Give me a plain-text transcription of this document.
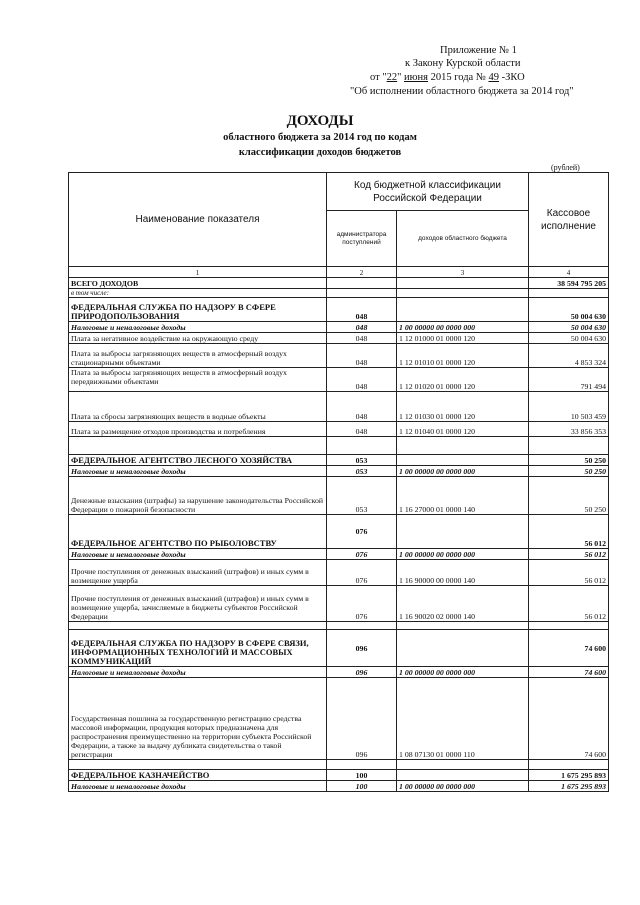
Приложение № 1
к Закону Курской области
от "22" июня 2015 года № 49 -ЗКО
"Об исполнении областного бюджета за 2014 год"
ДОХОДЫ
областного бюджета за 2014 год по кодам
классификации доходов бюджетов
(рублей)
Наименование показателя	Код бюджетной классификации Российской Федерации		Кассовое исполнение
	администратора поступлений	доходов областного бюджета	
1	2	3	4
ВСЕГО ДОХОДОВ			38 594 795 205
в том числе:			
ФЕДЕРАЛЬНАЯ СЛУЖБА ПО НАДЗОРУ В СФЕРЕ ПРИРОДОПОЛЬЗОВАНИЯ	048		50 004 630
Налоговые и неналоговые доходы	048	1 00 00000 00 0000 000	50 004 630
Плата за негативное воздействие на окружающую среду	048	1 12 01000 01 0000 120	50 004 630
Плата за выбросы загрязняющих веществ в атмосферный воздух стационарными объектами	048	1 12 01010 01 0000 120	4 853 324
Плата за выбросы загрязняющих веществ в атмосферный воздух передвижными объектами	048	1 12 01020 01 0000 120	791 494
Плата за сбросы загрязняющих веществ в водные объекты	048	1 12 01030 01 0000 120	10 503 459
Плата за размещение отходов производства и потребления	048	1 12 01040 01 0000 120	33 856 353

ФЕДЕРАЛЬНОЕ АГЕНТСТВО ЛЕСНОГО ХОЗЯЙСТВА	053		50 250
Налоговые и неналоговые доходы	053	1 00 00000 00 0000 000	50 250
Денежные взыскания (штрафы) за нарушение законодательства Российской Федерации о пожарной безопасности	053	1 16 27000 01 0000 140	50 250
ФЕДЕРАЛЬНОЕ АГЕНТСТВО ПО РЫБОЛОВСТВУ	076		56 012
Налоговые и неналоговые доходы	076	1 00 00000 00 0000 000	56 012
Прочие поступления от денежных взысканий (штрафов) и иных сумм в возмещение ущерба	076	1 16 90000 00 0000 140	56 012
Прочие поступления от денежных взысканий (штрафов) и иных сумм в возмещение ущерба, зачисляемые в бюджеты субъектов Российской Федерации	076	1 16 90020 02 0000 140	56 012

ФЕДЕРАЛЬНАЯ СЛУЖБА ПО НАДЗОРУ В СФЕРЕ СВЯЗИ, ИНФОРМАЦИОННЫХ ТЕХНОЛОГИЙ И МАССОВЫХ КОММУНИКАЦИЙ	096		74 600
Налоговые и неналоговые доходы	096	1 00 00000 00 0000 000	74 600
Государственная пошлина за государственную регистрацию средства массовой информации, продукция которых предназначена для распространения преимущественно на территории субъекта Российской Федерации, а также за выдачу дубликата свидетельства о такой регистрации	096	1 08 07130 01 0000 110	74 600

ФЕДЕРАЛЬНОЕ КАЗНАЧЕЙСТВО	100		1 675 295 893
Налоговые и неналоговые доходы	100	1 00 00000 00 0000 000	1 675 295 893
